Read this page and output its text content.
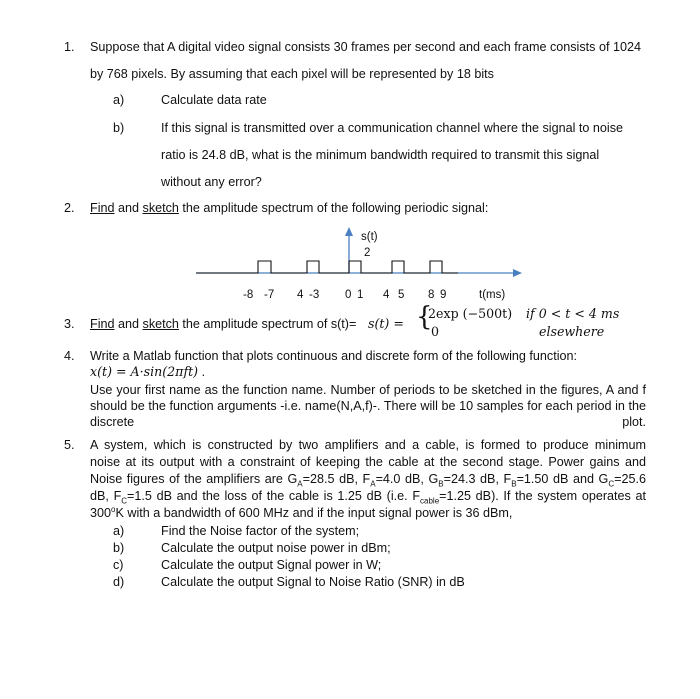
1. Suppose that A digital video signal consists 30 frames per second and each frame consists of 1024
by 768 pixels. By assuming that each pixel will be represented by 18 bits
a)	Calculate data rate
b)	If this signal is transmitted over a communication channel where the signal to noise
ratio is 24.8 dB, what is the minimum bandwidth required to transmit this signal
without any error?
2. Find and sketch the amplitude spectrum of the following periodic signal:
s(t)
2
t(ms)
-8 -7 4 -3 0 1 4 5 8 9
3. Find and sketch the amplitude spectrum of s(t)= s(t) = {
2exp (−500t) if 0 < t < 4 ms
0	elsewhere
4. Write a Matlab function that plots continuous and discrete form of the following function:
x(t) = A·sin(2πft) .
Use your first name as the function name. Number of periods to be sketched in the figures, A and f should be the function arguments -i.e. name(N,A,f)-. There will be 10 samples for each period in the discrete plot.
5. A system, which is constructed by two amplifiers and a cable, is formed to produce minimum
noise at its output with a constraint of keeping the cable at the second stage. Power gains and
Noise figures of the amplifiers are $G_A=28.5$ dB, $F_A=4.0$ dB, $G_B=24.3$ dB, $F_B=1.50$ dB and $G_C=25.6$
dB, $F_C=1.5$ dB and the loss of the cable is 1.25 dB (i.e. $F_{cable}=1.25$ dB). If the system operates at
300$^o$K with a bandwidth of 600 MHz and if the input signal power is 36 dBm,
a)	Find the Noise factor of the system;
b)	Calculate the output noise power in dBm;
c)	Calculate the output Signal power in W;
d)	Calculate the output Signal to Noise Ratio (SNR) in dB
